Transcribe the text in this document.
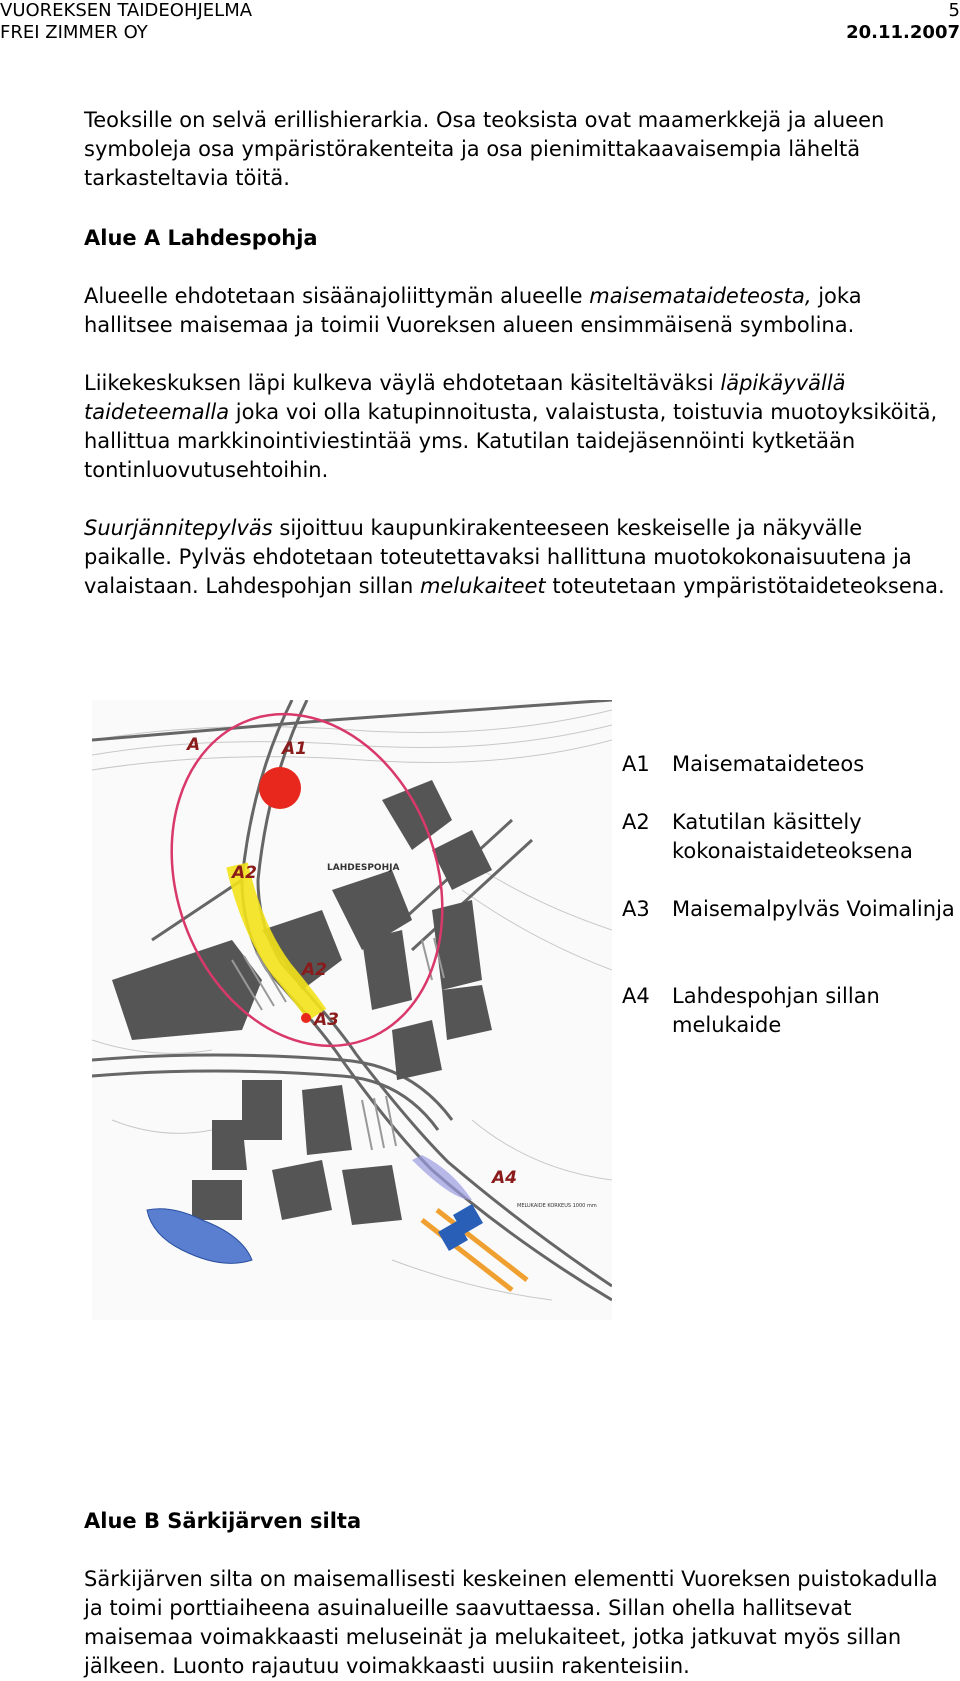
VUOREKSEN TAIDEOHJELMA
FREI ZIMMER OY
5
20.11.2007

Teoksille on selvä erillishierarkia. Osa teoksista ovat maamerkkejä ja alueen symboleja osa ympäristörakenteita ja osa pienimittakaavaisempia läheltä tarkasteltavia töitä.

Alue A Lahdespohja

Alueelle ehdotetaan sisäänajoliittymän alueelle maisemataideteosta, joka hallitsee maisemaa ja toimii Vuoreksen alueen ensimmäisenä symbolina.

Liikekeskuksen läpi kulkeva väylä ehdotetaan käsiteltäväksi läpikäyvällä taideteemalla joka voi olla katupinnoitusta, valaistusta, toistuvia muotoyksiköitä, hallittua markkinointiviestintää yms. Katutilan taidejäsennöinti kytketään tontinluovutusehtoihin.

Suurjännitepylväs sijoittuu kaupunkirakenteeseen keskeiselle ja näkyvälle paikalle. Pylväs ehdotetaan toteutettavaksi hallittuna muotokokonaisuutena ja valaistaan. Lahdespohjan sillan melukaiteet toteutetaan ympäristötaideteoksena.

A	A1
A2
A2
A3
A4
LAHDESPOHJA
MELUKAIDE KORKEUS 1000 mm
A1	Maisemataideteos
A2	Katutilan käsittely kokonaistaideteoksena
A3	Maisemalpylväs Voimalinja
A4	Lahdespohjan sillan melukaide

Alue B Särkijärven silta

Särkijärven silta on maisemallisesti keskeinen elementti Vuoreksen puistokadulla ja toimi porttiaiheena asuinalueille saavuttaessa. Sillan ohella hallitsevat maisemaa voimakkaasti meluseinät ja melukaiteet, jotka jatkuvat myös sillan jälkeen. Luonto rajautuu voimakkaasti uusiin rakenteisiin.
